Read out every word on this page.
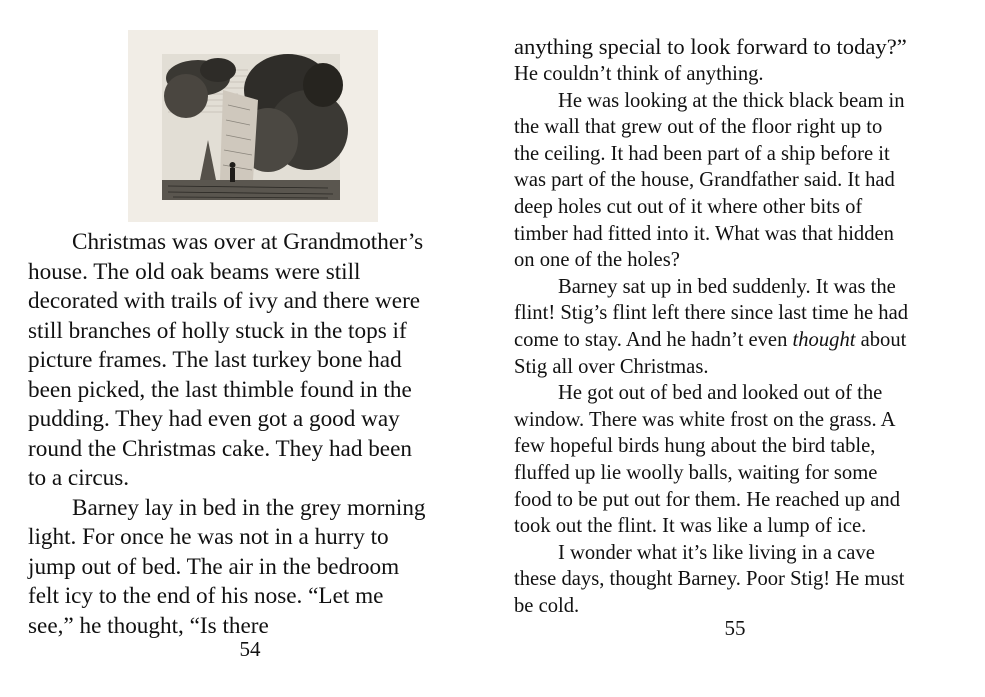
Christmas was over at Grandmother’s
house. The old oak beams were still
decorated with trails of ivy and there were
still branches of holly stuck in the tops if
picture frames. The last turkey bone had
been picked, the last thimble found in the
pudding. They had even got a good way
round the Christmas cake. They had been
to a circus.
Barney lay in bed in the grey morning
light. For once he was not in a hurry to
jump out of bed. The air in the bedroom
felt icy to the end of his nose. “Let me
see,” he thought, “Is there
54
anything special to look forward to today?”
He couldn’t think of anything.
He was looking at the thick black beam in
the wall that grew out of the floor right up to
the ceiling. It had been part of a ship before it
was part of the house, Grandfather said. It had
deep holes cut out of it where other bits of
timber had fitted into it. What was that hidden
on one of the holes?
Barney sat up in bed suddenly. It was the
flint! Stig’s flint left there since last time he had
come to stay. And he hadn’t even thought about
Stig all over Christmas.
He got out of bed and looked out of the
window. There was white frost on the grass. A
few hopeful birds hung about the bird table,
fluffed up lie woolly balls, waiting for some
food to be put out for them. He reached up and
took out the flint. It was like a lump of ice.
I wonder what it’s like living in a cave
these days, thought Barney. Poor Stig! He must
be cold.
55
